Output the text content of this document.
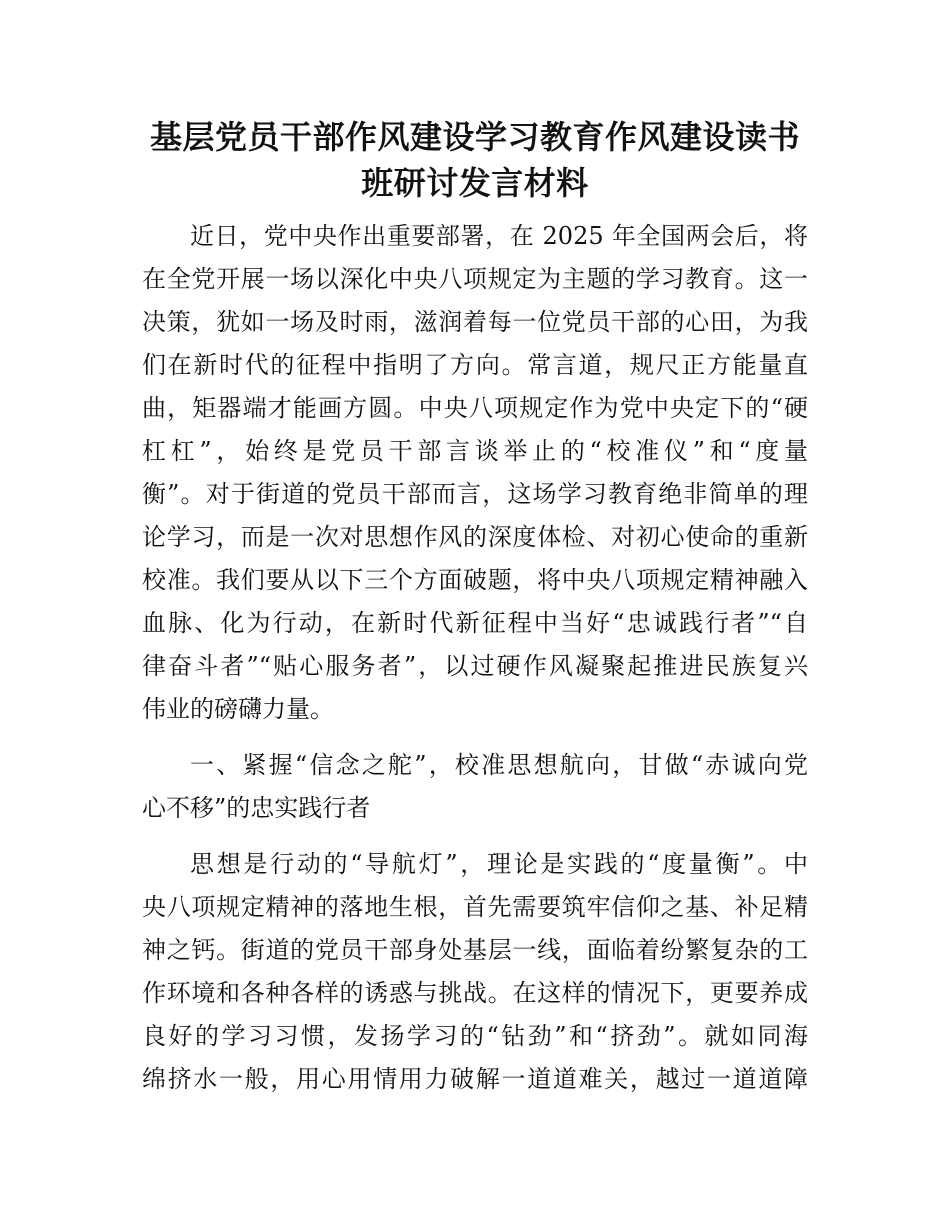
基层党员干部作风建设学习教育作风建设读书
班研讨发言材料
近日，党中央作出重要部署，在 2025 年全国两会后，将
在全党开展一场以深化中央八项规定为主题的学习教育。这一
决策，犹如一场及时雨，滋润着每一位党员干部的心田，为我
们在新时代的征程中指明了方向。常言道，规尺正方能量直
曲，矩器端才能画方圆。中央八项规定作为党中央定下的“硬
杠杠”，始终是党员干部言谈举止的“校准仪”和“度量
衡”。对于街道的党员干部而言，这场学习教育绝非简单的理
论学习，而是一次对思想作风的深度体检、对初心使命的重新
校准。我们要从以下三个方面破题，将中央八项规定精神融入
血脉、化为行动，在新时代新征程中当好“忠诚践行者”“自
律奋斗者”“贴心服务者”，以过硬作风凝聚起推进民族复兴
伟业的磅礴力量。
一、紧握“信念之舵”，校准思想航向，甘做“赤诚向党
心不移”的忠实践行者
思想是行动的“导航灯”，理论是实践的“度量衡”。中
央八项规定精神的落地生根，首先需要筑牢信仰之基、补足精
神之钙。街道的党员干部身处基层一线，面临着纷繁复杂的工
作环境和各种各样的诱惑与挑战。在这样的情况下，更要养成
良好的学习习惯，发扬学习的“钻劲”和“挤劲”。就如同海
绵挤水一般，用心用情用力破解一道道难关，越过一道道障
